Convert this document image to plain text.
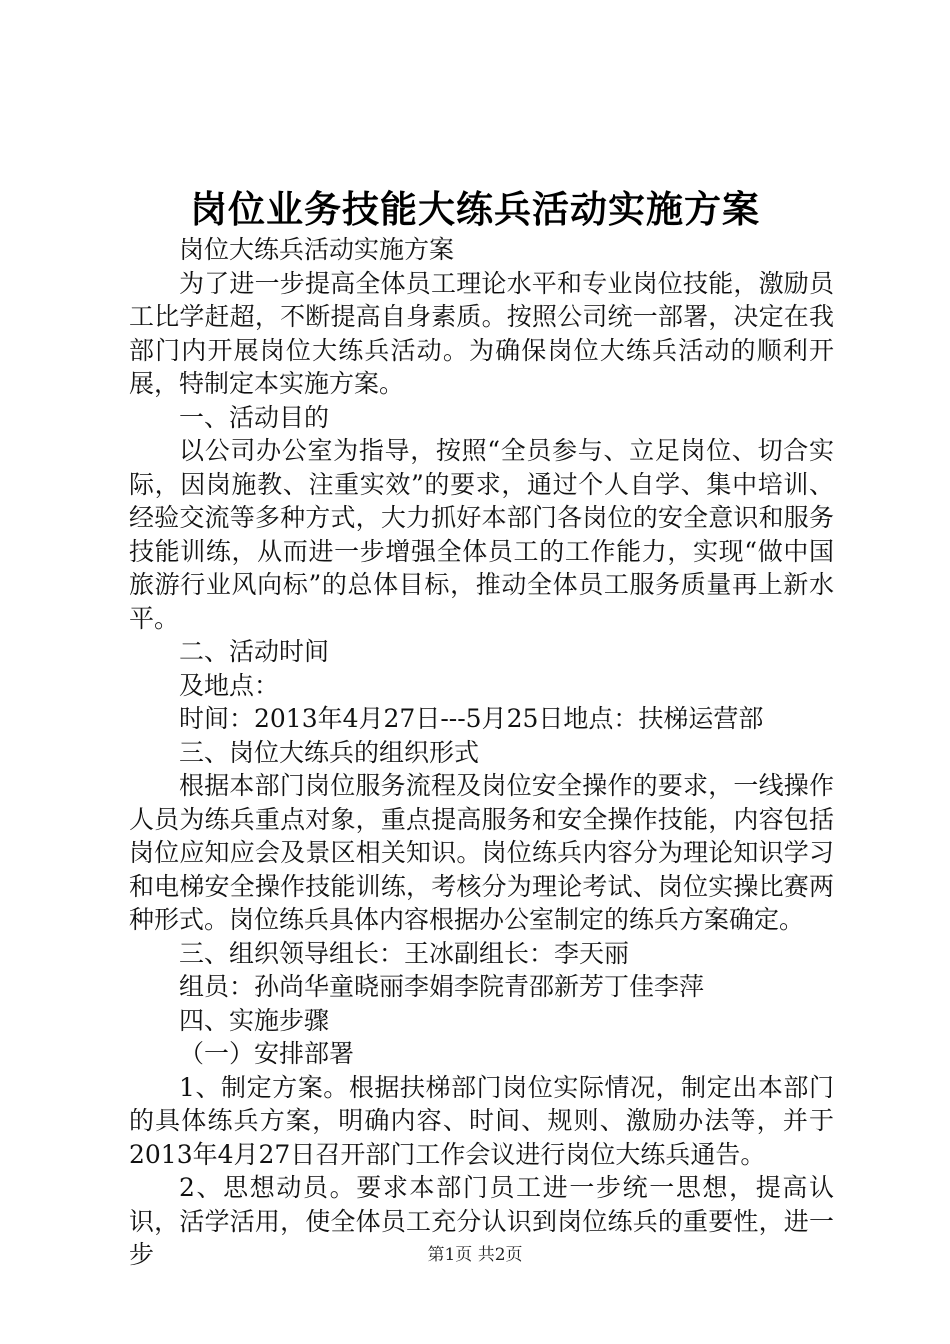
岗位业务技能大练兵活动实施方案

岗位大练兵活动实施方案

为了进一步提高全体员工理论水平和专业岗位技能，激励员工比学赶超，不断提高自身素质。按照公司统一部署，决定在我部门内开展岗位大练兵活动。为确保岗位大练兵活动的顺利开展，特制定本实施方案。

一、活动目的

以公司办公室为指导，按照“全员参与、立足岗位、切合实际，因岗施教、注重实效”的要求，通过个人自学、集中培训、经验交流等多种方式，大力抓好本部门各岗位的安全意识和服务技能训练，从而进一步增强全体员工的工作能力，实现“做中国旅游行业风向标”的总体目标，推动全体员工服务质量再上新水平。

二、活动时间

及地点：

时间：2013年4月27日---5月25日地点：扶梯运营部

三、岗位大练兵的组织形式

根据本部门岗位服务流程及岗位安全操作的要求，一线操作人员为练兵重点对象，重点提高服务和安全操作技能，内容包括岗位应知应会及景区相关知识。岗位练兵内容分为理论知识学习和电梯安全操作技能训练，考核分为理论考试、岗位实操比赛两种形式。岗位练兵具体内容根据办公室制定的练兵方案确定。

三、组织领导组长：王冰副组长：李天丽

组员：孙尚华童晓丽李娟李院青邵新芳丁佳李萍

四、实施步骤

（一）安排部署

1、制定方案。根据扶梯部门岗位实际情况，制定出本部门的具体练兵方案，明确内容、时间、规则、激励办法等，并于2013年4月27日召开部门工作会议进行岗位大练兵通告。

2、思想动员。要求本部门员工进一步统一思想，提高认识，活学活用，使全体员工充分认识到岗位练兵的重要性，进一步	第1页 共2页
